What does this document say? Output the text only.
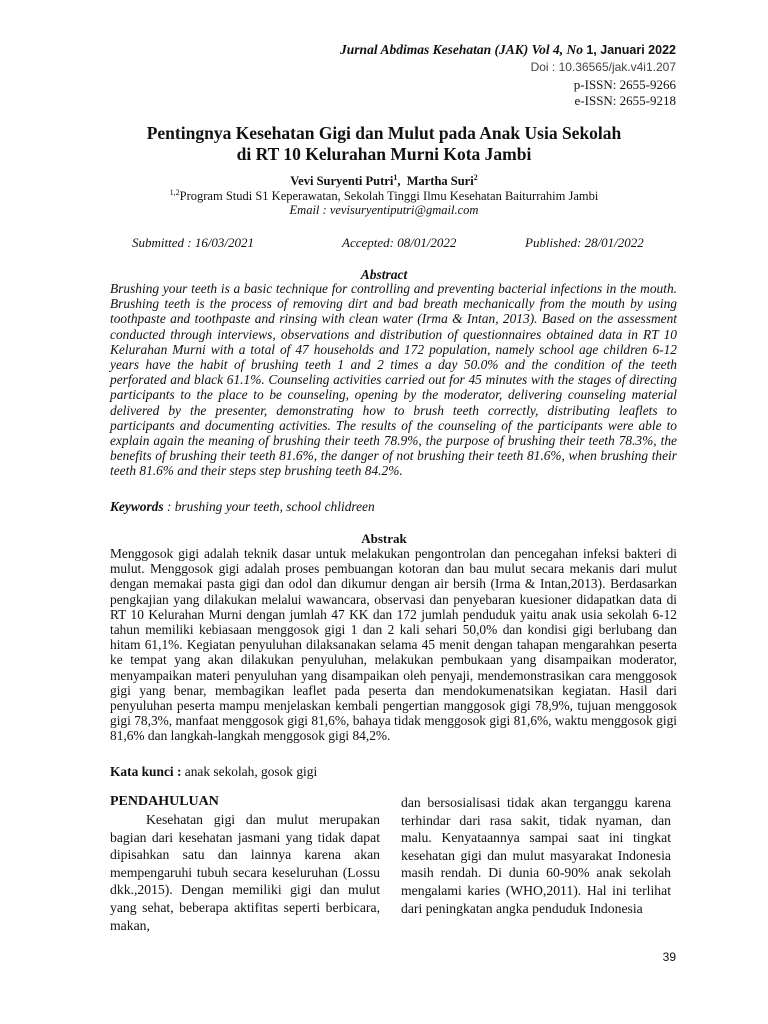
Jurnal Abdimas Kesehatan (JAK) Vol 4, No 1, Januari 2022
Doi : 10.36565/jak.v4i1.207
p-ISSN: 2655-9266
e-ISSN: 2655-9218
Pentingnya Kesehatan Gigi dan Mulut pada Anak Usia Sekolah
di RT 10 Kelurahan Murni Kota Jambi
Vevi Suryenti Putri$^1$,  Martha Suri$^2$
$^{1,2}$Program Studi S1 Keperawatan, Sekolah Tinggi Ilmu Kesehatan Baiturrahim Jambi
Email : vevisuryentiputri@gmail.com
Submitted : 16/03/2021	Accepted: 08/01/2022	Published: 28/01/2022
Abstract
Brushing your teeth is a basic technique for controlling and preventing bacterial infections in the mouth. Brushing teeth is the process of removing dirt and bad breath mechanically from the mouth by using toothpaste and toothpaste and rinsing with clean water (Irma & Intan, 2013). Based on the assessment conducted through interviews, observations and distribution of questionnaires obtained data in RT 10 Kelurahan Murni with a total of 47 households and 172 population, namely school age children 6-12 years have the habit of brushing teeth 1 and 2 times a day 50.0% and the condition of the teeth perforated and black 61.1%. Counseling activities carried out for 45 minutes with the stages of directing participants to the place to be counseling, opening by the moderator, delivering counseling material delivered by the presenter, demonstrating how to brush teeth correctly, distributing leaflets to participants and documenting activities. The results of the counseling of the participants were able to explain again the meaning of brushing their teeth 78.9%, the purpose of brushing their teeth 78.3%, the benefits of brushing their teeth 81.6%, the danger of not brushing their teeth 81.6%, when brushing their teeth 81.6% and their steps step brushing teeth 84.2%.
Keywords : brushing your teeth, school chlidreen
Abstrak
Menggosok gigi adalah teknik dasar untuk melakukan pengontrolan dan pencegahan infeksi bakteri di mulut. Menggosok gigi adalah proses pembuangan kotoran dan bau mulut secara mekanis dari mulut dengan memakai pasta gigi dan odol dan dikumur dengan air bersih (Irma & Intan,2013). Berdasarkan pengkajian yang dilakukan melalui wawancara, observasi dan penyebaran kuesioner didapatkan data di RT 10 Kelurahan Murni dengan jumlah 47 KK dan 172 jumlah penduduk yaitu anak usia sekolah 6-12 tahun memiliki kebiasaan menggosok gigi 1 dan 2 kali sehari 50,0% dan kondisi gigi berlubang dan hitam 61,1%. Kegiatan penyuluhan dilaksanakan selama 45 menit dengan tahapan mengarahkan peserta ke tempat yang akan dilakukan penyuluhan, melakukan pembukaan yang disampaikan moderator, menyampaikan materi penyuluhan yang disampaikan oleh penyaji, mendemonstrasikan cara menggosok gigi yang benar, membagikan leaflet pada peserta dan mendokumenatsikan kegiatan. Hasil dari penyuluhan peserta mampu menjelaskan kembali pengertian manggosok gigi 78,9%, tujuan menggosok gigi 78,3%, manfaat menggosok gigi 81,6%, bahaya tidak menggosok gigi 81,6%, waktu menggosok gigi 81,6% dan langkah-langkah menggosok gigi 84,2%.
Kata kunci : anak sekolah, gosok gigi
PENDAHULUAN
Kesehatan gigi dan mulut merupakan bagian dari kesehatan jasmani yang tidak dapat dipisahkan satu dan lainnya karena akan mempengaruhi tubuh secara keseluruhan (Lossu dkk.,2015). Dengan memiliki gigi dan mulut yang sehat, beberapa aktifitas seperti berbicara, makan,
dan bersosialisasi tidak akan terganggu karena terhindar dari rasa sakit, tidak nyaman, dan malu. Kenyataannya sampai saat ini tingkat kesehatan gigi dan mulut masyarakat Indonesia masih rendah. Di dunia 60-90% anak sekolah mengalami karies (WHO,2011). Hal ini terlihat dari peningkatan angka penduduk Indonesia
39
